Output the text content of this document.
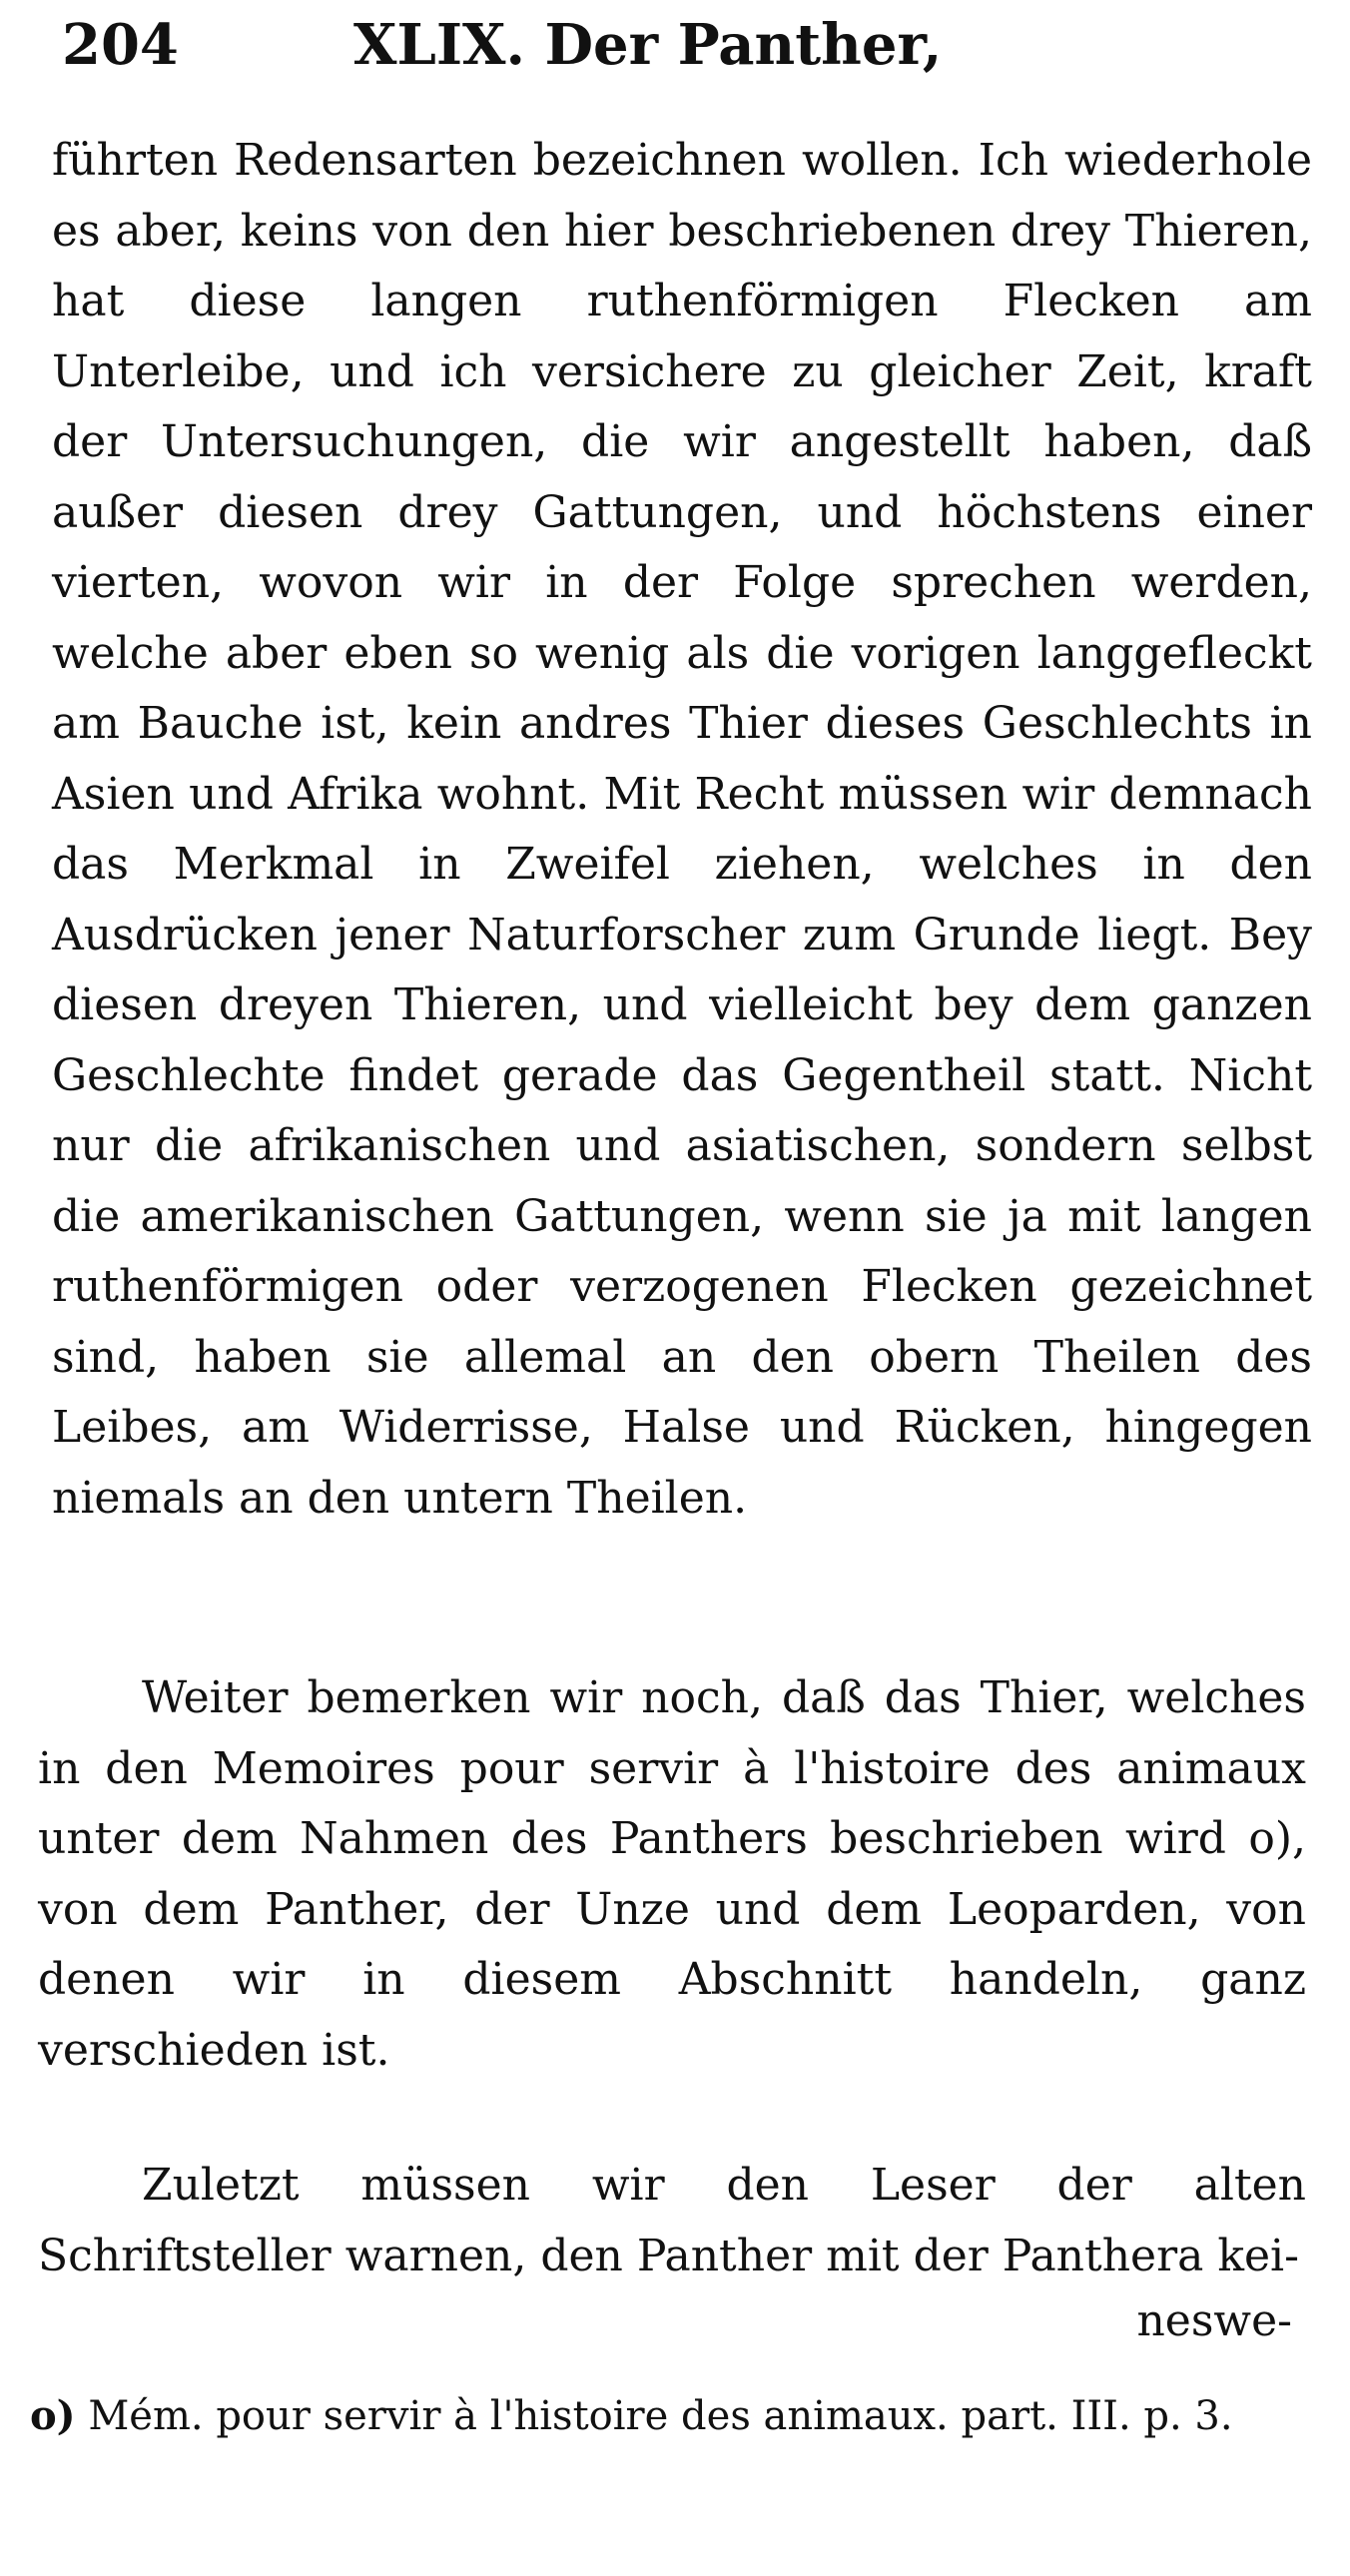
204	XLIX. Der Panther,
führten Redensarten bezeichnen wollen. Ich wiederhole es aber, keins von den hier beschriebenen drey Thieren, hat diese langen ruthenförmigen Flecken am Unterleibe, und ich versichere zu gleicher Zeit, kraft der Untersuchungen, die wir angestellt haben, daß außer diesen drey Gattungen, und höchstens einer vierten, wovon wir in der Folge sprechen werden, welche aber eben so wenig als die vorigen langgefleckt am Bauche ist, kein andres Thier dieses Geschlechts in Asien und Afrika wohnt. Mit Recht müssen wir demnach das Merkmal in Zweifel ziehen, welches in den Ausdrücken jener Naturforscher zum Grunde liegt. Bey diesen dreyen Thieren, und vielleicht bey dem ganzen Geschlechte findet gerade das Gegentheil statt. Nicht nur die afrikanischen und asiatischen, sondern selbst die amerikanischen Gattungen, wenn sie ja mit langen ruthenförmigen oder verzogenen Flecken gezeichnet sind, haben sie allemal an den obern Theilen des Leibes, am Widerrisse, Halse und Rücken, hingegen niemals an den untern Theilen.
Weiter bemerken wir noch, daß das Thier, welches in den Memoires pour servir à l'histoire des animaux unter dem Nahmen des Panthers beschrieben wird o), von dem Panther, der Unze und dem Leoparden, von denen wir in diesem Abschnitt handeln, ganz verschieden ist.
Zuletzt müssen wir den Leser der alten Schriftsteller warnen, den Panther mit der Panthera kei-
neswe-
o) Mém. pour servir à l'histoire des animaux. part. III. p. 3.
